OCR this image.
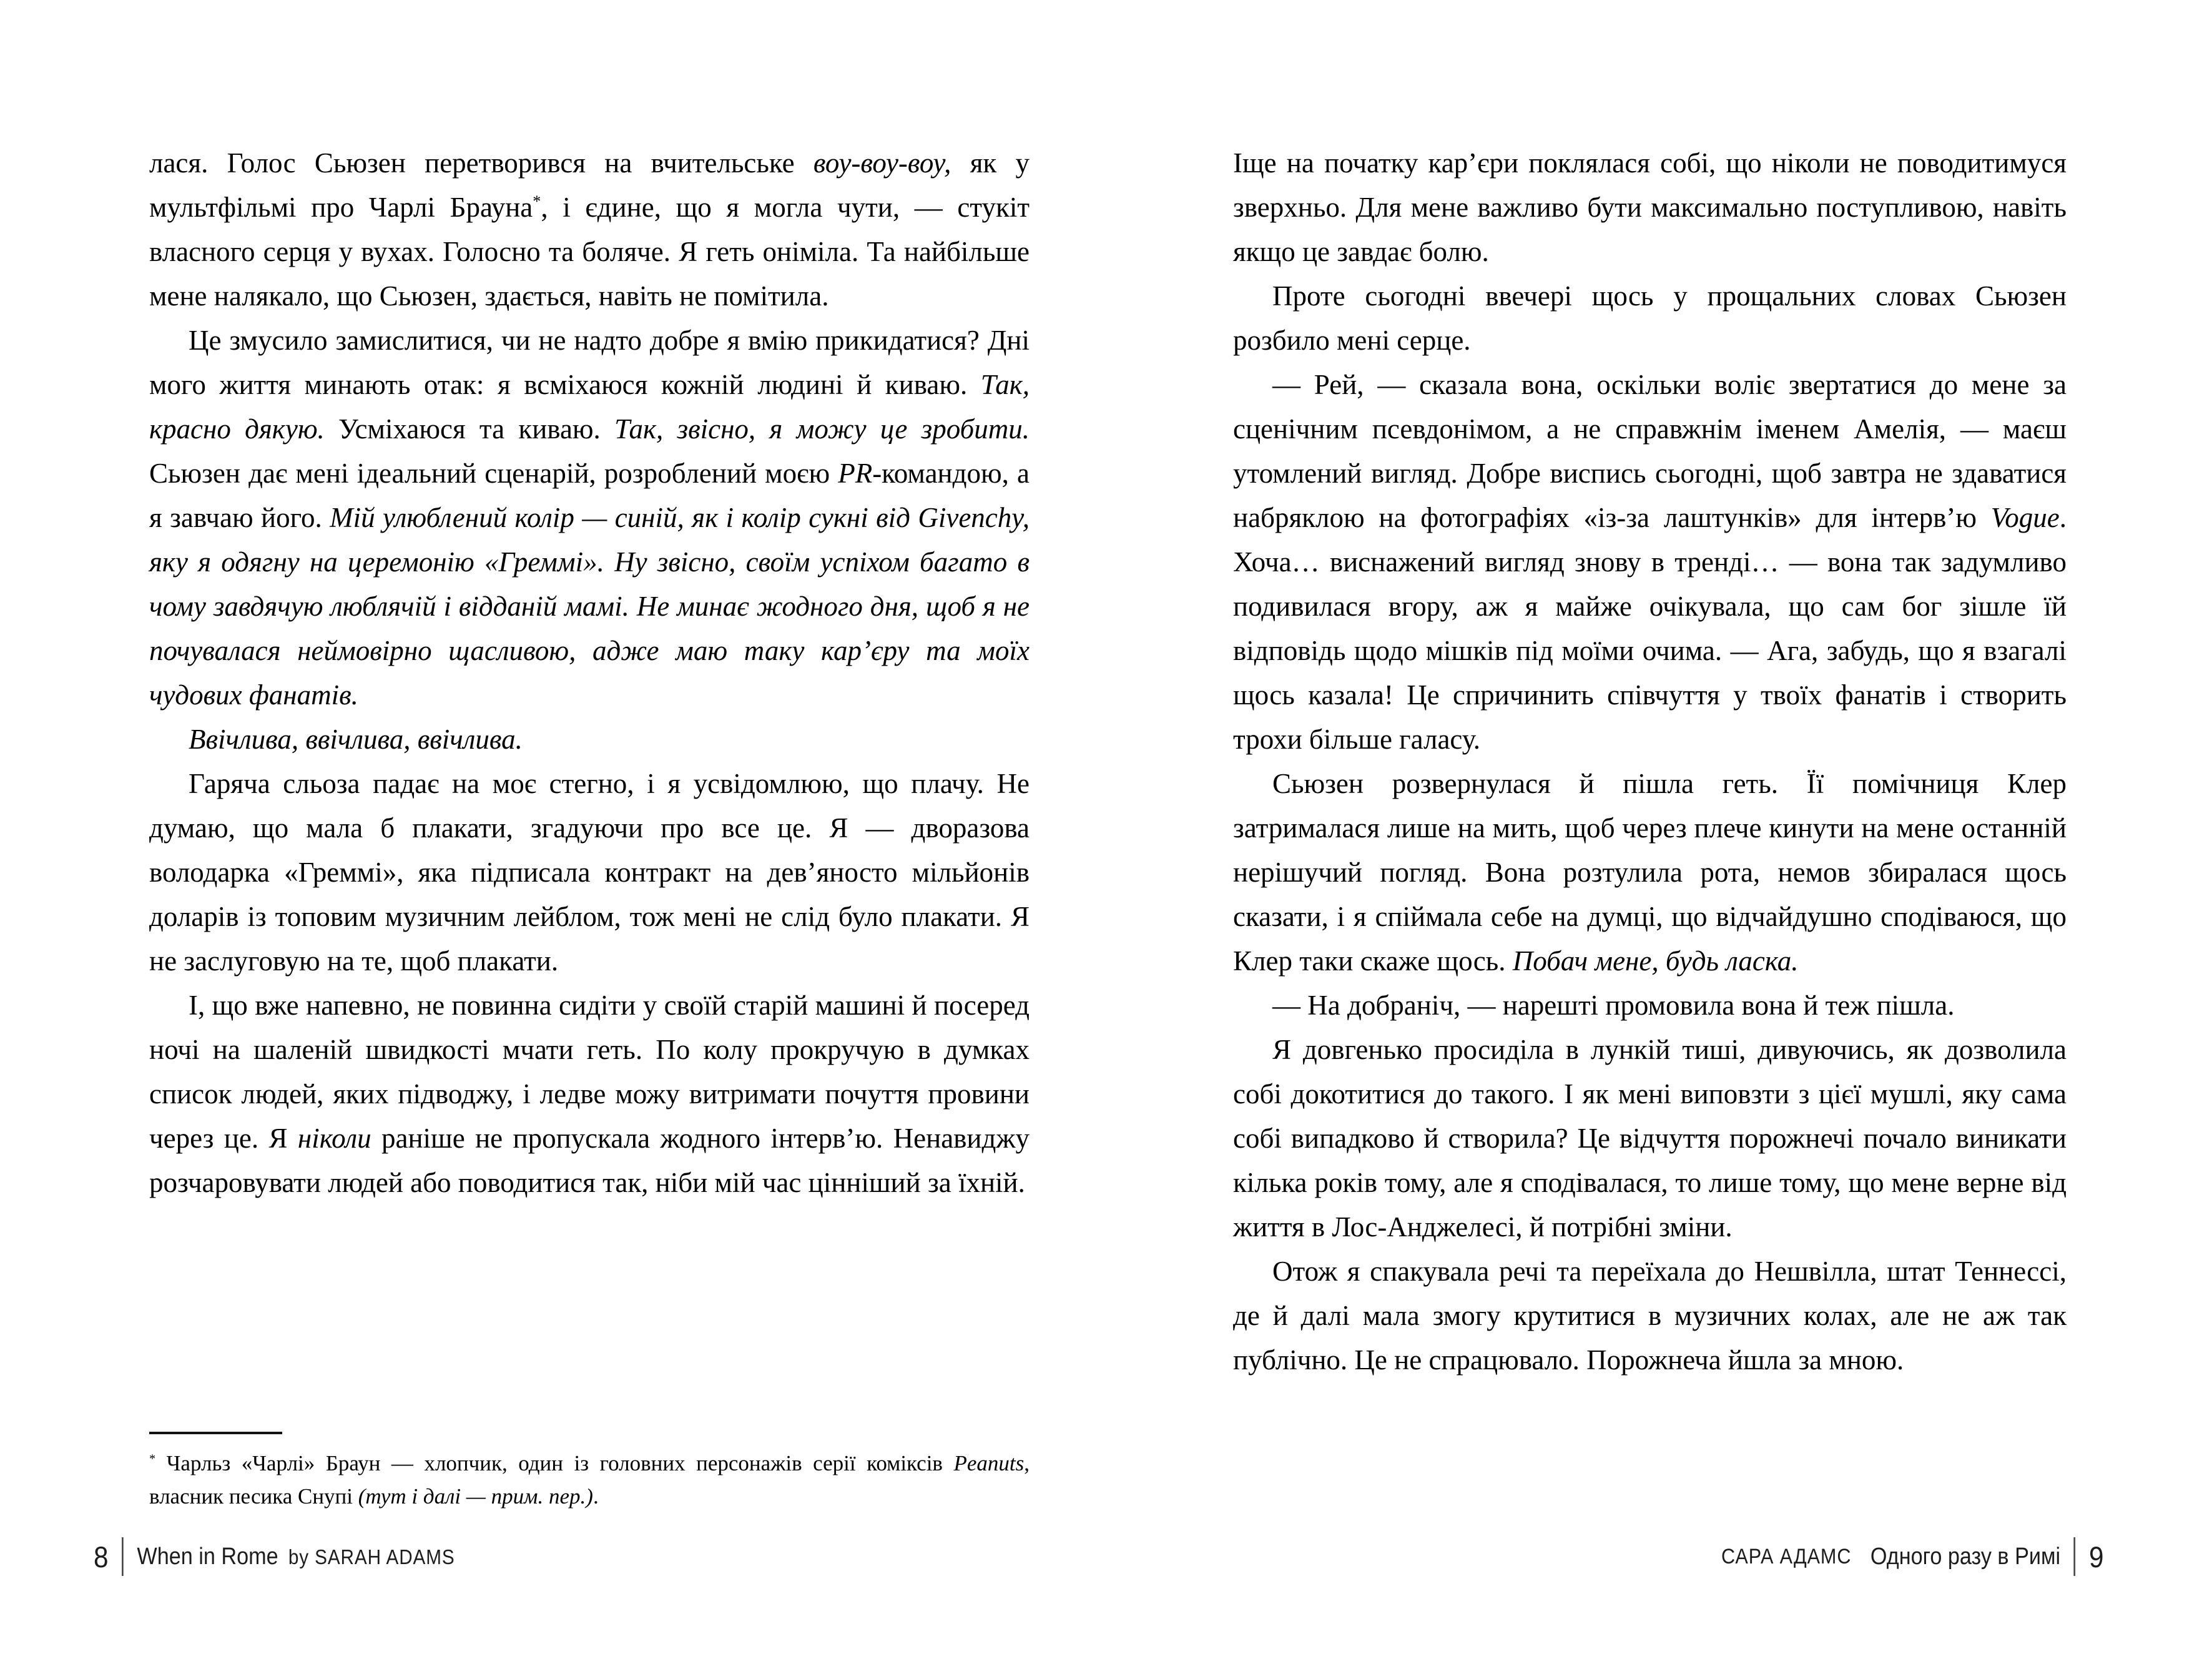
лася. Голос Сьюзен перетворився на вчительське воу-воу-воу, як у мультфільмі про Чарлі Брауна*, і єдине, що я могла чути, — стукіт власного серця у вухах. Голосно та боляче. Я геть оніміла. Та найбільше мене налякало, що Сьюзен, здається, навіть не помітила.

Це змусило замислитися, чи не надто добре я вмію прикидатися? Дні мого життя минають отак: я всміхаюся кожній людині й киваю. Так, красно дякую. Усміхаюся та киваю. Так, звісно, я можу це зробити. Сьюзен дає мені ідеальний сценарій, розроблений моєю PR-командою, а я завчаю його. Мій улюблений колір — синій, як і колір сукні від Givenchy, яку я одягну на церемонію «Греммі». Ну звісно, своїм успіхом багато в чому завдячую люблячій і відданій мамі. Не минає жодного дня, щоб я не почувалася неймовірно щасливою, адже маю таку кар’єру та моїх чудових фанатів.

Ввічлива, ввічлива, ввічлива.

Гаряча сльоза падає на моє стегно, і я усвідомлюю, що плачу. Не думаю, що мала б плакати, згадуючи про все це. Я — дворазова володарка «Греммі», яка підписала контракт на дев’яносто мільйонів доларів із топовим музичним лейблом, тож мені не слід було плакати. Я не заслуговую на те, щоб плакати.

І, що вже напевно, не повинна сидіти у своїй старій машині й посеред ночі на шаленій швидкості мчати геть. По колу прокручую в думках список людей, яких підводжу, і ледве можу витримати почуття провини через це. Я ніколи раніше не пропускала жодного інтерв’ю. Ненавиджу розчаровувати людей або поводитися так, ніби мій час цінніший за їхній.

* Чарльз «Чарлі» Браун — хлопчик, один із головних персонажів серії коміксів Peanuts, власник песика Снупі (тут і далі — прим. пер.).

8 When in Rome by SARAH ADAMS

Іще на початку кар’єри поклялася собі, що ніколи не поводитимуся зверхньо. Для мене важливо бути максимально поступливою, навіть якщо це завдає болю.

Проте сьогодні ввечері щось у прощальних словах Сьюзен розбило мені серце.

— Рей, — сказала вона, оскільки воліє звертатися до мене за сценічним псевдонімом, а не справжнім іменем Амелія, — маєш утомлений вигляд. Добре виспись сьогодні, щоб завтра не здаватися набряклою на фотографіях «із-за лаштунків» для інтерв’ю Vogue. Хоча… виснажений вигляд знову в тренді… — вона так задумливо подивилася вгору, аж я майже очікувала, що сам бог зішле їй відповідь щодо мішків під моїми очима. — Ага, забудь, що я взагалі щось казала! Це спричинить співчуття у твоїх фанатів і створить трохи більше галасу.

Сьюзен розвернулася й пішла геть. Її помічниця Клер затрималася лише на мить, щоб через плече кинути на мене останній нерішучий погляд. Вона розтулила рота, немов збиралася щось сказати, і я спіймала себе на думці, що відчайдушно сподіваюся, що Клер таки скаже щось. Побач мене, будь ласка.

— На добраніч, — нарешті промовила вона й теж пішла.

Я довгенько просиділа в лункій тиші, дивуючись, як дозволила собі докотитися до такого. І як мені виповзти з цієї мушлі, яку сама собі випадково й створила? Це відчуття порожнечі почало виникати кілька років тому, але я сподівалася, то лише тому, що мене верне від життя в Лос-Анджелесі, й потрібні зміни.

Отож я спакувала речі та переїхала до Нешвілла, штат Теннессі, де й далі мала змогу крутитися в музичних колах, але не аж так публічно. Це не спрацювало. Порожнеча йшла за мною.

САРА АДАМС Одного разу в Римі 9
